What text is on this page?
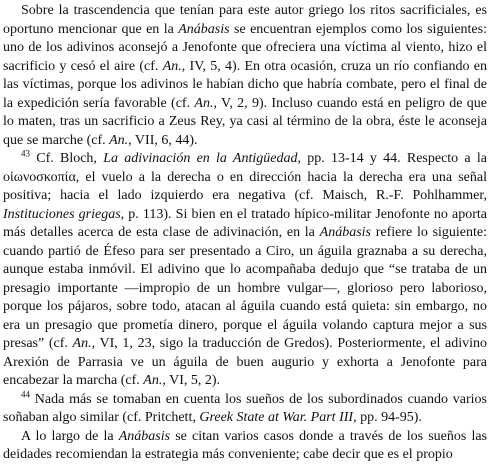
Sobre la trascendencia que tenían para este autor griego los ritos sacrificiales, es oportuno mencionar que en la Anábasis se encuentran ejemplos como los siguientes: uno de los adivinos aconsejó a Jenofonte que ofreciera una víctima al viento, hizo el sacrificio y cesó el aire (cf. An., IV, 5, 4). En otra ocasión, cruza un río confiando en las víctimas, porque los adivinos le habían dicho que habría combate, pero el final de la expedición sería favorable (cf. An., V, 2, 9). Incluso cuando está en peligro de que lo maten, tras un sacrificio a Zeus Rey, ya casi al término de la obra, éste le aconseja que se marche (cf. An., VII, 6, 44).

$^{43}$ Cf. Bloch, La adivinación en la Antigüedad, pp. 13-14 y 44. Respecto a la οἰωνοσκοπία, el vuelo a la derecha o en dirección hacia la derecha era una señal positiva; hacia el lado izquierdo era negativa (cf. Maisch, R.-F. Pohlhammer, Instituciones griegas, p. 113). Si bien en el tratado hípico-militar Jenofonte no aporta más detalles acerca de esta clase de adivinación, en la Anábasis refiere lo siguiente: cuando partió de Éfeso para ser presentado a Ciro, un águila graznaba a su derecha, aunque estaba inmóvil. El adivino que lo acompañaba dedujo que “se trataba de un presagio importante —impropio de un hombre vulgar—, glorioso pero laborioso, porque los pájaros, sobre todo, atacan al águila cuando está quieta: sin embargo, no era un presagio que prometía dinero, porque el águila volando captura mejor a sus presas” (cf. An., VI, 1, 23, sigo la traducción de Gredos). Posteriormente, el adivino Arexión de Parrasia ve un águila de buen augurio y exhorta a Jenofonte para encabezar la marcha (cf. An., VI, 5, 2).

$^{44}$ Nada más se tomaban en cuenta los sueños de los subordinados cuando varios soñaban algo similar (cf. Pritchett, Greek State at War. Part III, pp. 94-95).

A lo largo de la Anábasis se citan varios casos donde a través de los sueños las deidades recomiendan la estrategia más conveniente; cabe decir que es el propio
